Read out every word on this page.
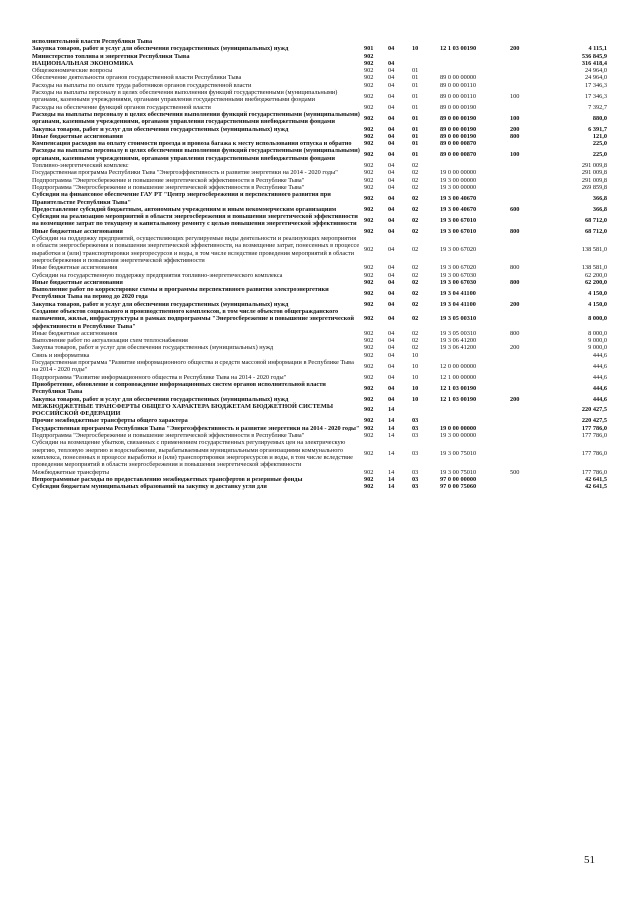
исполнительной власти Республики Тыва						
Закупка товаров, работ и услуг для обеспечения государственных (муниципальных) нужд	901	04	10	12 1 03 00190	200	4 115,1
Министерство топлива и энергетики Республики Тыва	902					536 845,9
НАЦИОНАЛЬНАЯ ЭКОНОМИКА	902	04				316 418,4
Общеэкономические вопросы	902	04	01			24 964,0
Обеспечение деятельности органов государственной власти Республики Тыва	902	04	01	89 0 00 00000		24 964,0
Расходы на выплаты по оплате труда работников органов государственной власти	902	04	01	89 0 00 00110		17 346,3
Расходы на выплаты персоналу в целях обеспечения выполнения функций государственными (муниципальными) органами, казенными учреждениями, органами управления государственными внебюджетными фондами	902	04	01	89 0 00 00110	100	17 346,3
Расходы на обеспечение функций органов государственной власти	902	04	01	89 0 00 00190		7 392,7
Расходы на выплаты персоналу в целях обеспечения выполнения функций государственными (муниципальными) органами, казенными учреждениями, органами управления государственными внебюджетными фондами	902	04	01	89 0 00 00190	100	880,0
Закупка товаров, работ и услуг для обеспечения государственных (муниципальных) нужд	902	04	01	89 0 00 00190	200	6 391,7
Иные бюджетные ассигнования	902	04	01	89 0 00 00190	800	121,0
Компенсация расходов на оплату стоимости проезда и провоза багажа к месту использования отпуска и обратно	902	04	01	89 0 00 00870		225,0
Расходы на выплаты персоналу в целях обеспечения выполнения функций государственными (муниципальными) органами, казенными учреждениями, органами управления государственными внебюджетными фондами	902	04	01	89 0 00 00870	100	225,0
Топливно-энергетический комплекс	902	04	02			291 009,8
Государственная программа Республики Тыва "Энергоэффективность и развитие энергетики на 2014 - 2020 годы"	902	04	02	19 0 00 00000		291 009,8
Подпрограмма "Энергосбережение и повышение энергетической эффективности в Республике Тыва"	902	04	02	19 3 00 00000		291 009,8
Подпрограмма "Энергосбережение и повышение энергетической эффективности в Республике Тыва"	902	04	02	19 3 00 00000		269 859,8
Субсидии на финансовое обеспечение ГАУ РТ "Центр энергосбережения и перспективного развития при Правительстве Республики Тыва"	902	04	02	19 3 00 40670		366,8
Предоставление субсидий бюджетным, автономным учреждениям и иным некоммерческим организациям	902	04	02	19 3 00 40670	600	366,8
Субсидии на реализацию мероприятий в области энергосбережения и повышения энергетической эффективности на возмещение затрат по текущему и капитальному ремонту с целью повышения энергетической эффективности	902	04	02	19 3 00 67010		68 712,0
Иные бюджетные ассигнования	902	04	02	19 3 00 67010	800	68 712,0
Субсидии на поддержку предприятий, осуществляющих регулируемые виды деятельности и реализующих мероприятия в области энергосбережения и повышения энергетической эффективности, на возмещение затрат, понесенных в процессе выработки и (или) транспортировки энергоресурсов и воды, в том числе вследствие проведения мероприятий в области энергосбережения и повышения энергетической эффективности	902	04	02	19 3 00 67020		138 581,0
Иные бюджетные ассигнования	902	04	02	19 3 00 67020	800	138 581,0
Субсидии на государственную поддержку предприятия топливно-энергетического комплекса	902	04	02	19 3 00 67030		62 200,0
Иные бюджетные ассигнования	902	04	02	19 3 00 67030	800	62 200,0
Выполнение работ по корректировке схемы и программы перспективного развития электроэнергетики Республики Тыва на период до 2020 года	902	04	02	19 3 04 41100		4 150,0
Закупка товаров, работ и услуг для обеспечения государственных (муниципальных) нужд	902	04	02	19 3 04 41100	200	4 150,0
Создание объектов социального и производственного комплексов, в том числе объектов общегражданского назначения, жилья, инфраструктуры в рамках подпрограммы "Энергосбережение и повышение энергетической эффективности в Республике Тыва"	902	04	02	19 3 05 00310		8 000,0
Иные бюджетные ассигнования	902	04	02	19 3 05 00310	800	8 000,0
Выполнение работ по актуализации схем теплоснабжения	902	04	02	19 3 06 41200		9 000,0
Закупка товаров, работ и услуг для обеспечения государственных (муниципальных) нужд	902	04	02	19 3 06 41200	200	9 000,0
Связь и информатика	902	04	10			444,6
Государственная программа "Развитие информационного общества и средств массовой информации в Республике Тыва на 2014 - 2020 годы"	902	04	10	12 0 00 00000		444,6
Подпрограмма "Развитие информационного общества в Республике Тыва на 2014 - 2020 годы"	902	04	10	12 1 00 00000		444,6
Приобретение, обновление и сопровождение информационных систем органов исполнительной власти Республики Тыва	902	04	10	12 1 03 00190		444,6
Закупка товаров, работ и услуг для обеспечения государственных (муниципальных) нужд	902	04	10	12 1 03 00190	200	444,6
МЕЖБЮДЖЕТНЫЕ ТРАНСФЕРТЫ ОБЩЕГО ХАРАКТЕРА БЮДЖЕТАМ БЮДЖЕТНОЙ СИСТЕМЫ РОССИЙСКОЙ ФЕДЕРАЦИИ	902	14				220 427,5
Прочие межбюджетные трансферты общего характера	902	14	03			220 427,5
Государственная программа Республики Тыва "Энергоэффективность и развитие энергетики на 2014 - 2020 годы"	902	14	03	19 0 00 00000		177 786,0
Подпрограмма "Энергосбережение и повышение энергетической эффективности в Республике Тыва"	902	14	03	19 3 00 00000		177 786,0
Субсидии на возмещение убытков, связанных с применением государственных регулируемых цен на электрическую энергию, тепловую энергию и водоснабжение, вырабатываемыми муниципальными организациями коммунального комплекса, понесенных в процессе выработки и (или) транспортировки энергоресурсов и воды, в том числе вследствие проведения мероприятий в области энергосбережения и повышения энергетической эффективности	902	14	03	19 3 00 75010		177 786,0
Межбюджетные трансферты	902	14	03	19 3 00 75010	500	177 786,0
Непрограммные расходы по предоставлению межбюджетных трансфертов и резервные фонды	902	14	03	97 0 00 00000		42 641,5
Субсидии бюджетам муниципальных образований на закупку и доставку угля для	902	14	03	97 0 00 75060		42 641,5
51
